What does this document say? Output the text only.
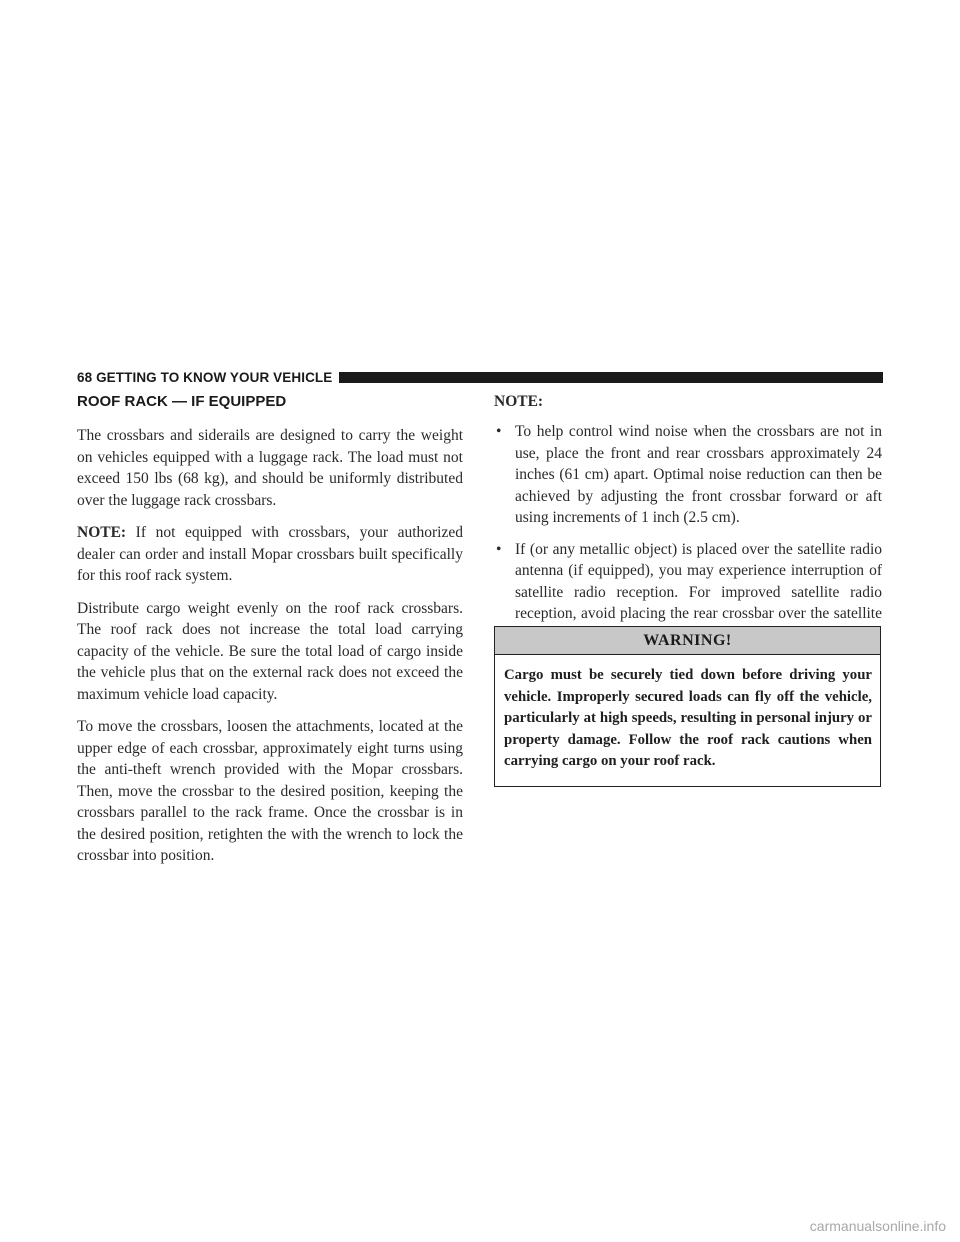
68 GETTING TO KNOW YOUR VEHICLE
ROOF RACK — IF EQUIPPED

The crossbars and siderails are designed to carry the weight on vehicles equipped with a luggage rack. The load must not exceed 150 lbs (68 kg), and should be uniformly distributed over the luggage rack crossbars.

NOTE: If not equipped with crossbars, your authorized dealer can order and install Mopar crossbars built specifically for this roof rack system.

Distribute cargo weight evenly on the roof rack crossbars. The roof rack does not increase the total load carrying capacity of the vehicle. Be sure the total load of cargo inside the vehicle plus that on the external rack does not exceed the maximum vehicle load capacity.

To move the crossbars, loosen the attachments, located at the upper edge of each crossbar, approximately eight turns using the anti-theft wrench provided with the Mopar crossbars. Then, move the crossbar to the desired position, keeping the crossbars parallel to the rack frame. Once the crossbar is in the desired position, retighten the with the wrench to lock the crossbar into position.

NOTE:
• To help control wind noise when the crossbars are not in use, place the front and rear crossbars approximately 24 inches (61 cm) apart. Optimal noise reduction can then be achieved by adjusting the front crossbar forward or aft using increments of 1 inch (2.5 cm).
• If (or any metallic object) is placed over the satellite radio antenna (if equipped), you may experience interruption of satellite radio reception. For improved satellite radio reception, avoid placing the rear crossbar over the satellite
WARNING!
Cargo must be securely tied down before driving your vehicle. Improperly secured loads can fly off the vehicle, particularly at high speeds, resulting in personal injury or property damage. Follow the roof rack cautions when carrying cargo on your roof rack.
carmanualsonline.info
